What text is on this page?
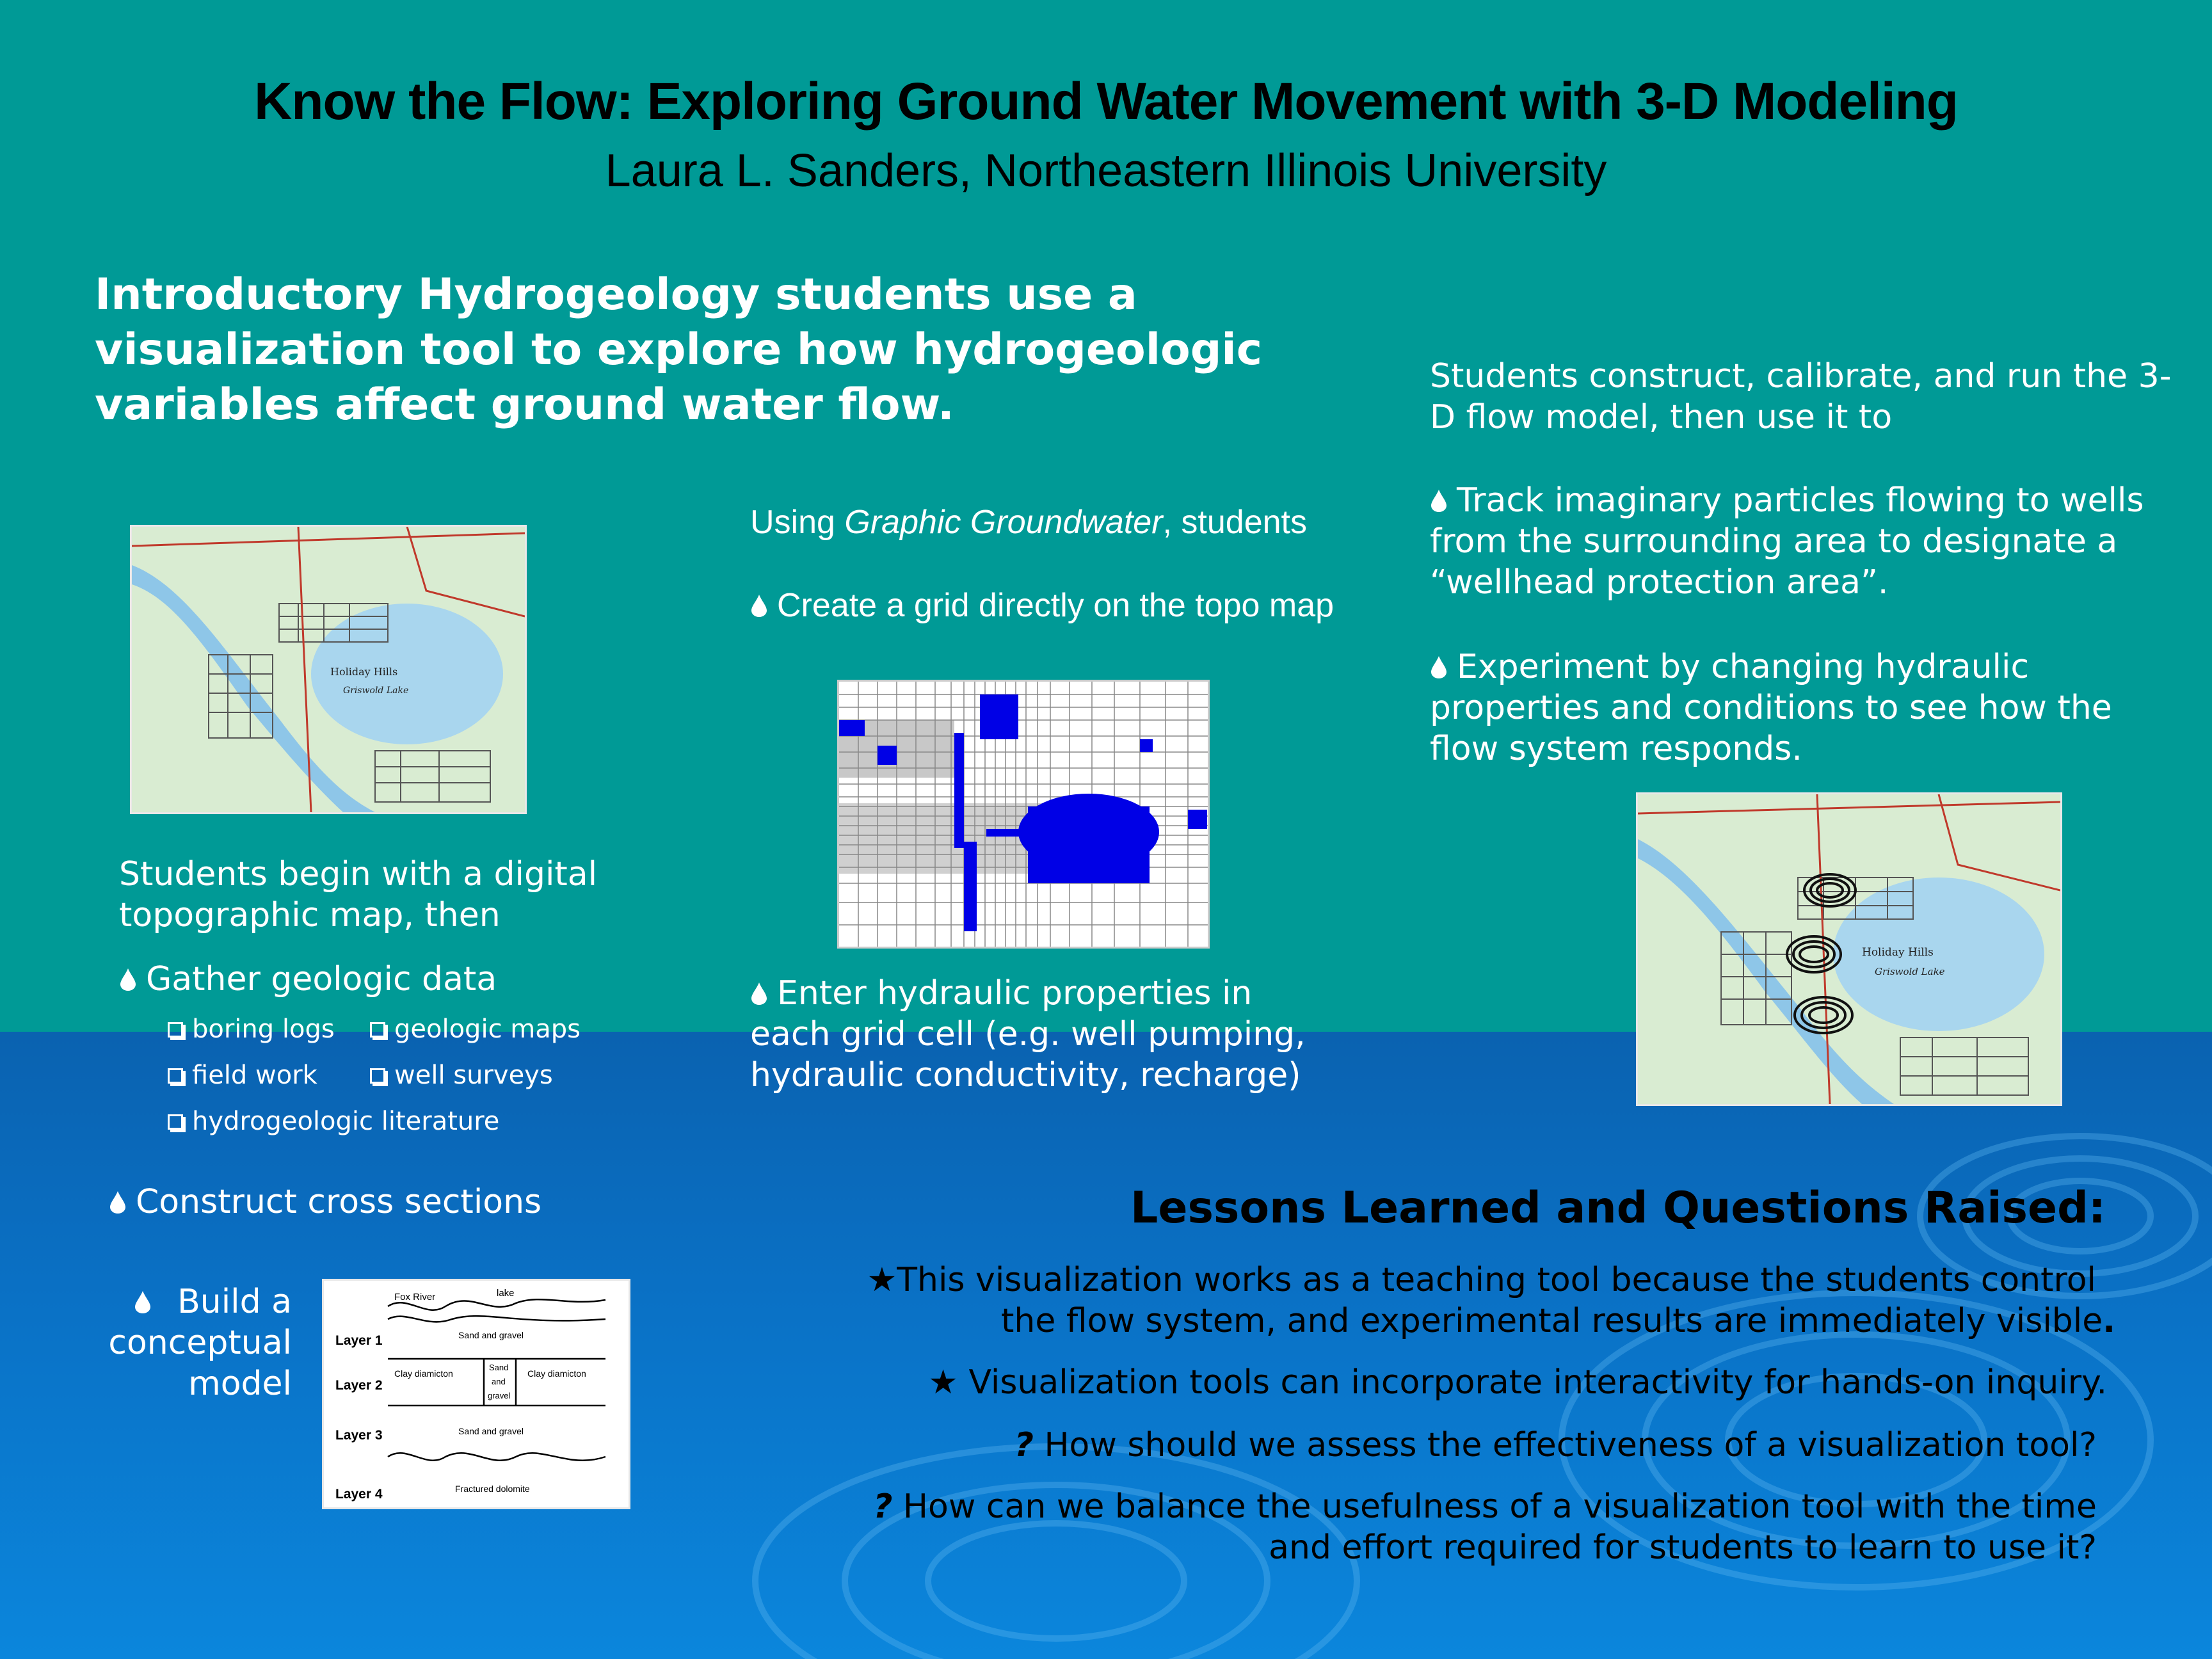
Know the Flow: Exploring Ground Water Movement with 3-D Modeling
Laura L. Sanders, Northeastern Illinois University
Introductory Hydrogeology students use a
visualization tool to explore how hydrogeologic
variables affect ground water flow.
Holiday Hills
Griswold Lake
Students begin with a digital
topographic map, then
Gather geologic data
boring logs	geologic maps
field work	well surveys
hydrogeologic literature
Construct cross sections
Build a
conceptual
model
Fox River	lake
Layer 1	Sand and gravel
Layer 2
Clay diamicton
Sand
and
gravel
Clay diamicton
Layer 3	Sand and gravel
Layer 4	Fractured dolomite
Using Graphic Groundwater, students
Create a grid directly on the topo map
Enter hydraulic properties in
each grid cell (e.g. well pumping,
hydraulic conductivity, recharge)
Students construct, calibrate, and run the 3-
D flow model, then use it to
Track imaginary particles flowing to wells
from the surrounding area to designate a
“wellhead protection area”.
Experiment by changing hydraulic
properties and conditions to see how the
flow system responds.
Holiday Hills
Griswold Lake
Lessons Learned and Questions Raised:
★This visualization works as a teaching tool because the students control
the flow system, and experimental results are immediately visible.
★ Visualization tools can incorporate interactivity for hands-on inquiry.
? How should we assess the effectiveness of a visualization tool?
? How can we balance the usefulness of a visualization tool with the time
and effort required for students to learn to use it?
